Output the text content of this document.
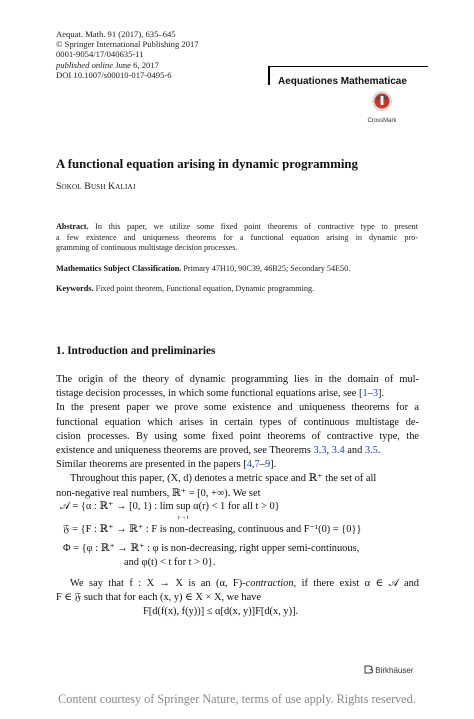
Aequat. Math. 91 (2017), 635–645
© Springer International Publishing 2017
0001-9054/17/040635-11
published online June 6, 2017
DOI 10.1007/s00010-017-0495-6
Aequationes Mathematicae
CrossMark
A functional equation arising in dynamic programming
Sokol Bush Kaliaj
Abstract. In this paper, we utilize some fixed point theorems of contractive type to present
a few existence and uniqueness theorems for a functional equation arising in dynamic pro-
gramming of continuous multistage decision processes.
Mathematics Subject Classification. Primary 47H10, 90C39, 46B25; Secondary 54E50.
Keywords. Fixed point theorem, Functional equation, Dynamic programming.
1. Introduction and preliminaries
The origin of the theory of dynamic programming lies in the domain of mul-
tistage decision processes, in which some functional equations arise, see [1–3].
In the present paper we prove some existence and uniqueness theorems for a
functional equation which arises in certain types of continuous multistage de-
cision processes. By using some fixed point theorems of contractive type, the
existence and uniqueness theorems are proved, see Theorems 3.3, 3.4 and 3.5.
Similar theorems are presented in the papers [4,7–9].
Throughout this paper, (X, d) denotes a metric space and ℝ⁺ the set of all
non-negative real numbers, ℝ⁺ = [0, +∞). We set
𝒜 = {α : ℝ⁺ → [0, 1) : lim sup α(r) < 1 for all t > 0}
r→t
𝔉 = {F : ℝ⁺ → ℝ⁺ : F is non-decreasing, continuous and F⁻¹(0) = {0}}
Φ = {φ : ℝ⁺ → ℝ⁺ : φ is non-decreasing, right upper semi-continuous,
and φ(t) < t for t > 0}.
We say that f : X → X is an (α, F)-contraction, if there exist α ∈ 𝒜 and
F ∈ 𝔉 such that for each (x, y) ∈ X × X, we have
F[d(f(x), f(y))] ≤ α[d(x, y)]F[d(x, y)].
Birkhäuser
Content courtesy of Springer Nature, terms of use apply. Rights reserved.
